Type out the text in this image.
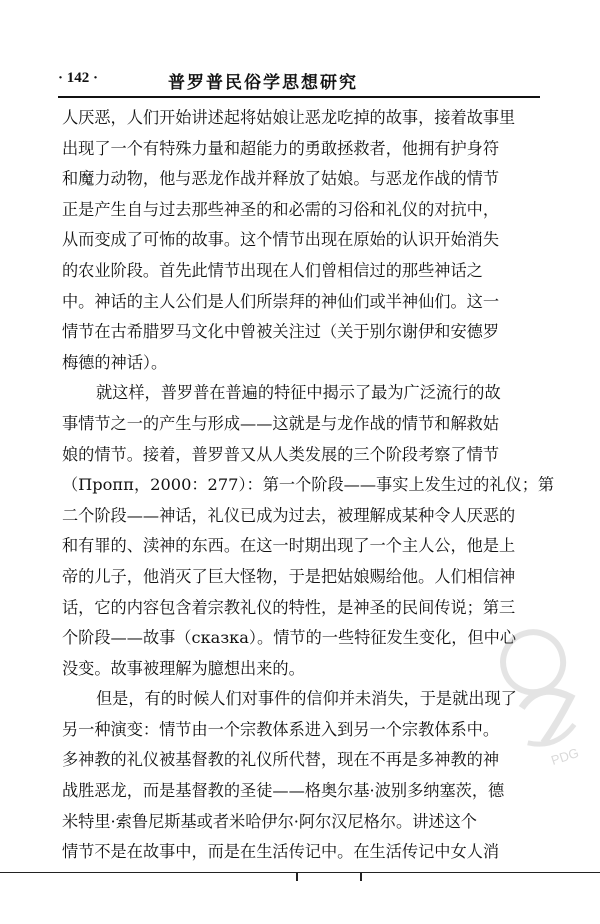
· 142 ·	普罗普民俗学思想研究
人厌恶，人们开始讲述起将姑娘让恶龙吃掉的故事，接着故事里
出现了一个有特殊力量和超能力的勇敢拯救者，他拥有护身符
和魔力动物，他与恶龙作战并释放了姑娘。与恶龙作战的情节
正是产生自与过去那些神圣的和必需的习俗和礼仪的对抗中，
从而变成了可怖的故事。这个情节出现在原始的认识开始消失
的农业阶段。首先此情节出现在人们曾相信过的那些神话之
中。神话的主人公们是人们所崇拜的神仙们或半神仙们。这一
情节在古希腊罗马文化中曾被关注过（关于别尔谢伊和安德罗
梅德的神话）。
就这样，普罗普在普遍的特征中揭示了最为广泛流行的故
事情节之一的产生与形成——这就是与龙作战的情节和解救姑
娘的情节。接着，普罗普又从人类发展的三个阶段考察了情节
（Пропп，2000：277）：第一个阶段——事实上发生过的礼仪；第
二个阶段——神话，礼仪已成为过去，被理解成某种令人厌恶的
和有罪的、渎神的东西。在这一时期出现了一个主人公，他是上
帝的儿子，他消灭了巨大怪物，于是把姑娘赐给他。人们相信神
话，它的内容包含着宗教礼仪的特性，是神圣的民间传说；第三
个阶段——故事（сказка）。情节的一些特征发生变化，但中心
没变。故事被理解为臆想出来的。
但是，有的时候人们对事件的信仰并未消失，于是就出现了
另一种演变：情节由一个宗教体系进入到另一个宗教体系中。
多神教的礼仪被基督教的礼仪所代替，现在不再是多神教的神
战胜恶龙，而是基督教的圣徒——格奥尔基·波别多纳塞茨，德
米特里·索鲁尼斯基或者米哈伊尔·阿尔汉尼格尔。讲述这个
情节不是在故事中，而是在生活传记中。在生活传记中女人消
PDG
